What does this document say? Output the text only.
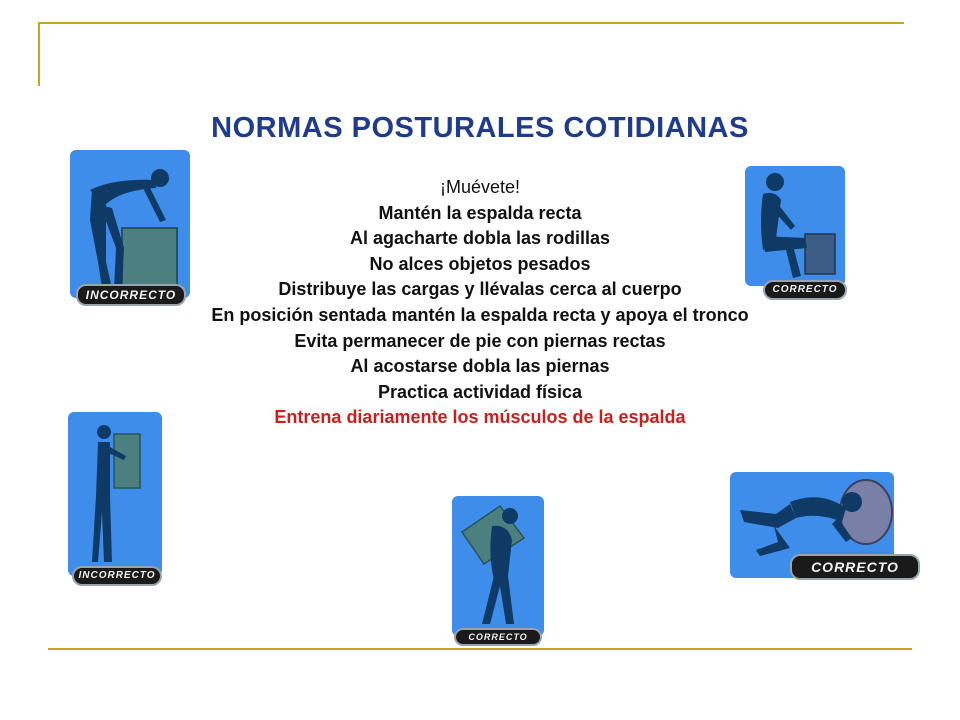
NORMAS POSTURALES COTIDIANAS
¡Muévete!
Mantén la espalda recta
Al agacharte dobla las rodillas
No alces objetos pesados
Distribuye las cargas y llévalas cerca al cuerpo
En posición sentada mantén la espalda recta y apoya el tronco
Evita permanecer de pie con piernas rectas
Al acostarse dobla las piernas
Practica actividad física
Entrena diariamente los músculos de la espalda
INCORRECTO	CORRECTO
INCORRECTO
CORRECTO
CORRECTO
